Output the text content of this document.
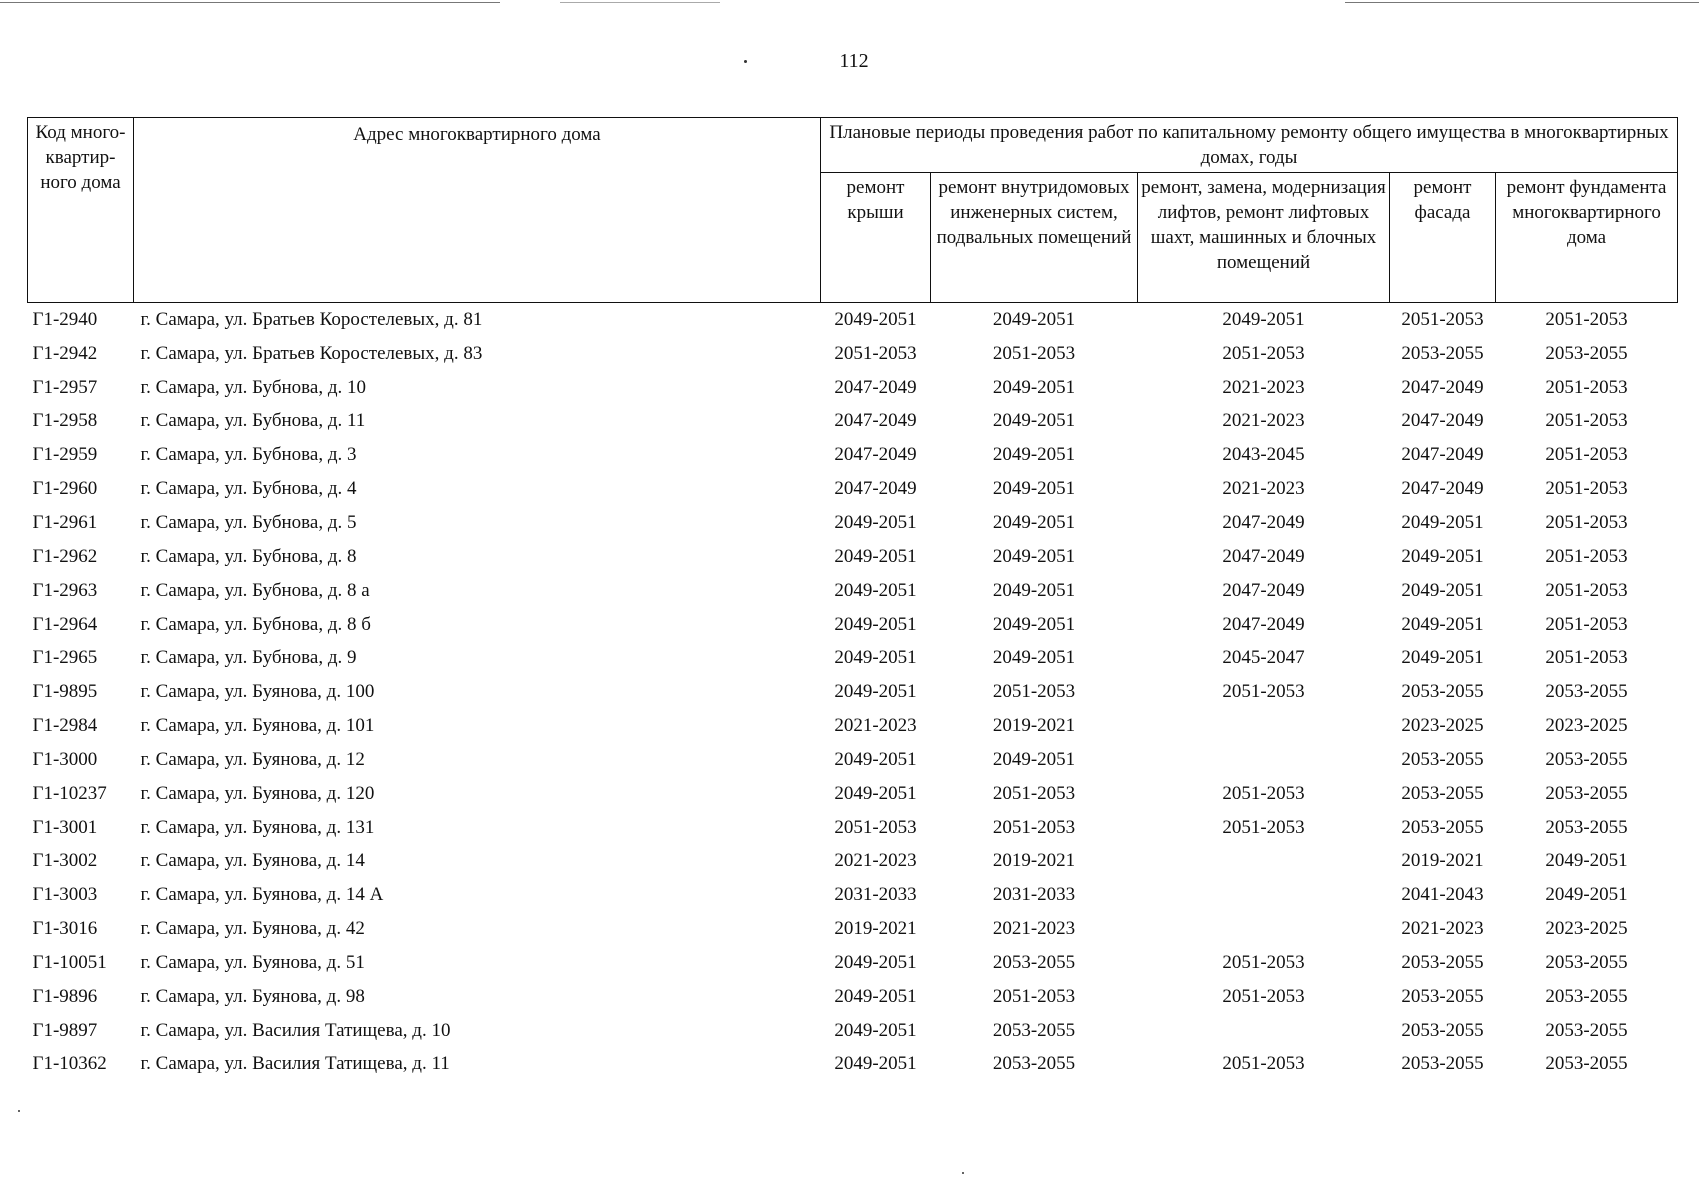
112
Код много-квартир-ного дома	Адрес многоквартирного дома	Плановые периоды проведения работ по капитальному ремонту общего имущества в многоквартирных домах, годы				
		ремонт крыши	ремонт внутридомовых инженерных систем, подвальных помещений	ремонт, замена, модернизация лифтов, ремонт лифтовых шахт, машинных и блочных помещений	ремонт фасада	ремонт фундамента многоквартирного дома
Г1-2940	г. Самара, ул. Братьев Коростелевых, д. 81	2049-2051	2049-2051	2049-2051	2051-2053	2051-2053
Г1-2942	г. Самара, ул. Братьев Коростелевых, д. 83	2051-2053	2051-2053	2051-2053	2053-2055	2053-2055
Г1-2957	г. Самара, ул. Бубнова, д. 10	2047-2049	2049-2051	2021-2023	2047-2049	2051-2053
Г1-2958	г. Самара, ул. Бубнова, д. 11	2047-2049	2049-2051	2021-2023	2047-2049	2051-2053
Г1-2959	г. Самара, ул. Бубнова, д. 3	2047-2049	2049-2051	2043-2045	2047-2049	2051-2053
Г1-2960	г. Самара, ул. Бубнова, д. 4	2047-2049	2049-2051	2021-2023	2047-2049	2051-2053
Г1-2961	г. Самара, ул. Бубнова, д. 5	2049-2051	2049-2051	2047-2049	2049-2051	2051-2053
Г1-2962	г. Самара, ул. Бубнова, д. 8	2049-2051	2049-2051	2047-2049	2049-2051	2051-2053
Г1-2963	г. Самара, ул. Бубнова, д. 8 а	2049-2051	2049-2051	2047-2049	2049-2051	2051-2053
Г1-2964	г. Самара, ул. Бубнова, д. 8 б	2049-2051	2049-2051	2047-2049	2049-2051	2051-2053
Г1-2965	г. Самара, ул. Бубнова, д. 9	2049-2051	2049-2051	2045-2047	2049-2051	2051-2053
Г1-9895	г. Самара, ул. Буянова, д. 100	2049-2051	2051-2053	2051-2053	2053-2055	2053-2055
Г1-2984	г. Самара, ул. Буянова, д. 101	2021-2023	2019-2021		2023-2025	2023-2025
Г1-3000	г. Самара, ул. Буянова, д. 12	2049-2051	2049-2051		2053-2055	2053-2055
Г1-10237	г. Самара, ул. Буянова, д. 120	2049-2051	2051-2053	2051-2053	2053-2055	2053-2055
Г1-3001	г. Самара, ул. Буянова, д. 131	2051-2053	2051-2053	2051-2053	2053-2055	2053-2055
Г1-3002	г. Самара, ул. Буянова, д. 14	2021-2023	2019-2021		2019-2021	2049-2051
Г1-3003	г. Самара, ул. Буянова, д. 14 А	2031-2033	2031-2033		2041-2043	2049-2051
Г1-3016	г. Самара, ул. Буянова, д. 42	2019-2021	2021-2023		2021-2023	2023-2025
Г1-10051	г. Самара, ул. Буянова, д. 51	2049-2051	2053-2055	2051-2053	2053-2055	2053-2055
Г1-9896	г. Самара, ул. Буянова, д. 98	2049-2051	2051-2053	2051-2053	2053-2055	2053-2055
Г1-9897	г. Самара, ул. Василия Татищева, д. 10	2049-2051	2053-2055		2053-2055	2053-2055
Г1-10362	г. Самара, ул. Василия Татищева, д. 11	2049-2051	2053-2055	2051-2053	2053-2055	2053-2055
